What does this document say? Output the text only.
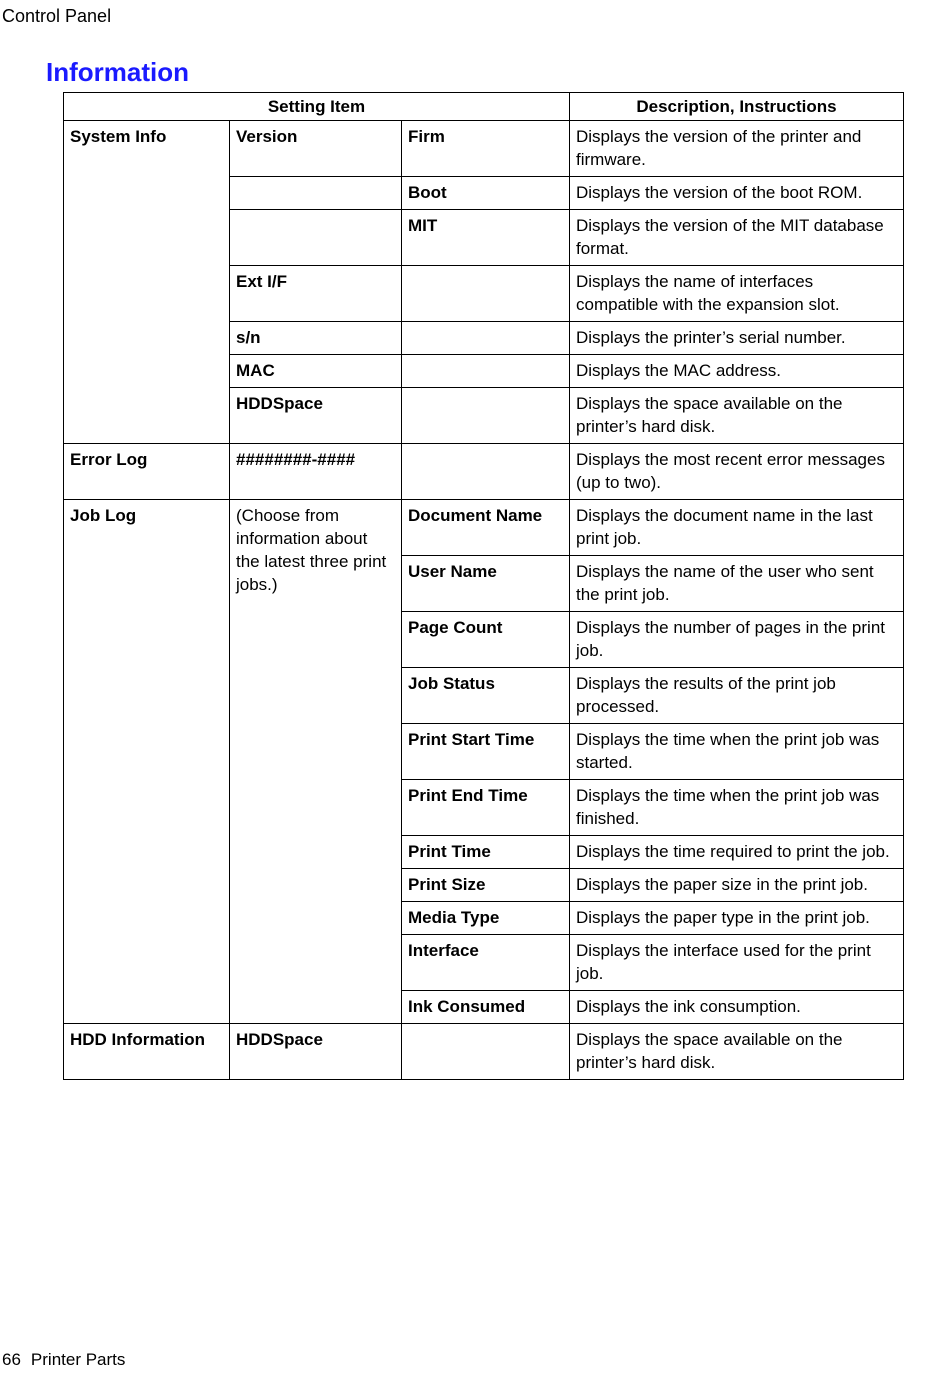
Control Panel
Information
Setting Item			Description, Instructions
System Info	Version	Firm	Displays the version of the printer and firmware.
		Boot	Displays the version of the boot ROM.
		MIT	Displays the version of the MIT database format.
	Ext I/F		Displays the name of interfaces compatible with the expansion slot.
	s/n		Displays the printer’s serial number.
	MAC		Displays the MAC address.
	HDDSpace		Displays the space available on the printer’s hard disk.
Error Log	########-####		Displays the most recent error messages (up to two).
Job Log	(Choose from information about the latest three print jobs.)	Document Name	Displays the document name in the last print job.
		User Name	Displays the name of the user who sent the print job.
		Page Count	Displays the number of pages in the print job.
		Job Status	Displays the results of the print job processed.
		Print Start Time	Displays the time when the print job was started.
		Print End Time	Displays the time when the print job was finished.
		Print Time	Displays the time required to print the job.
		Print Size	Displays the paper size in the print job.
		Media Type	Displays the paper type in the print job.
		Interface	Displays the interface used for the print job.
		Ink Consumed	Displays the ink consumption.
HDD Information	HDDSpace		Displays the space available on the printer’s hard disk.
66 Printer Parts
